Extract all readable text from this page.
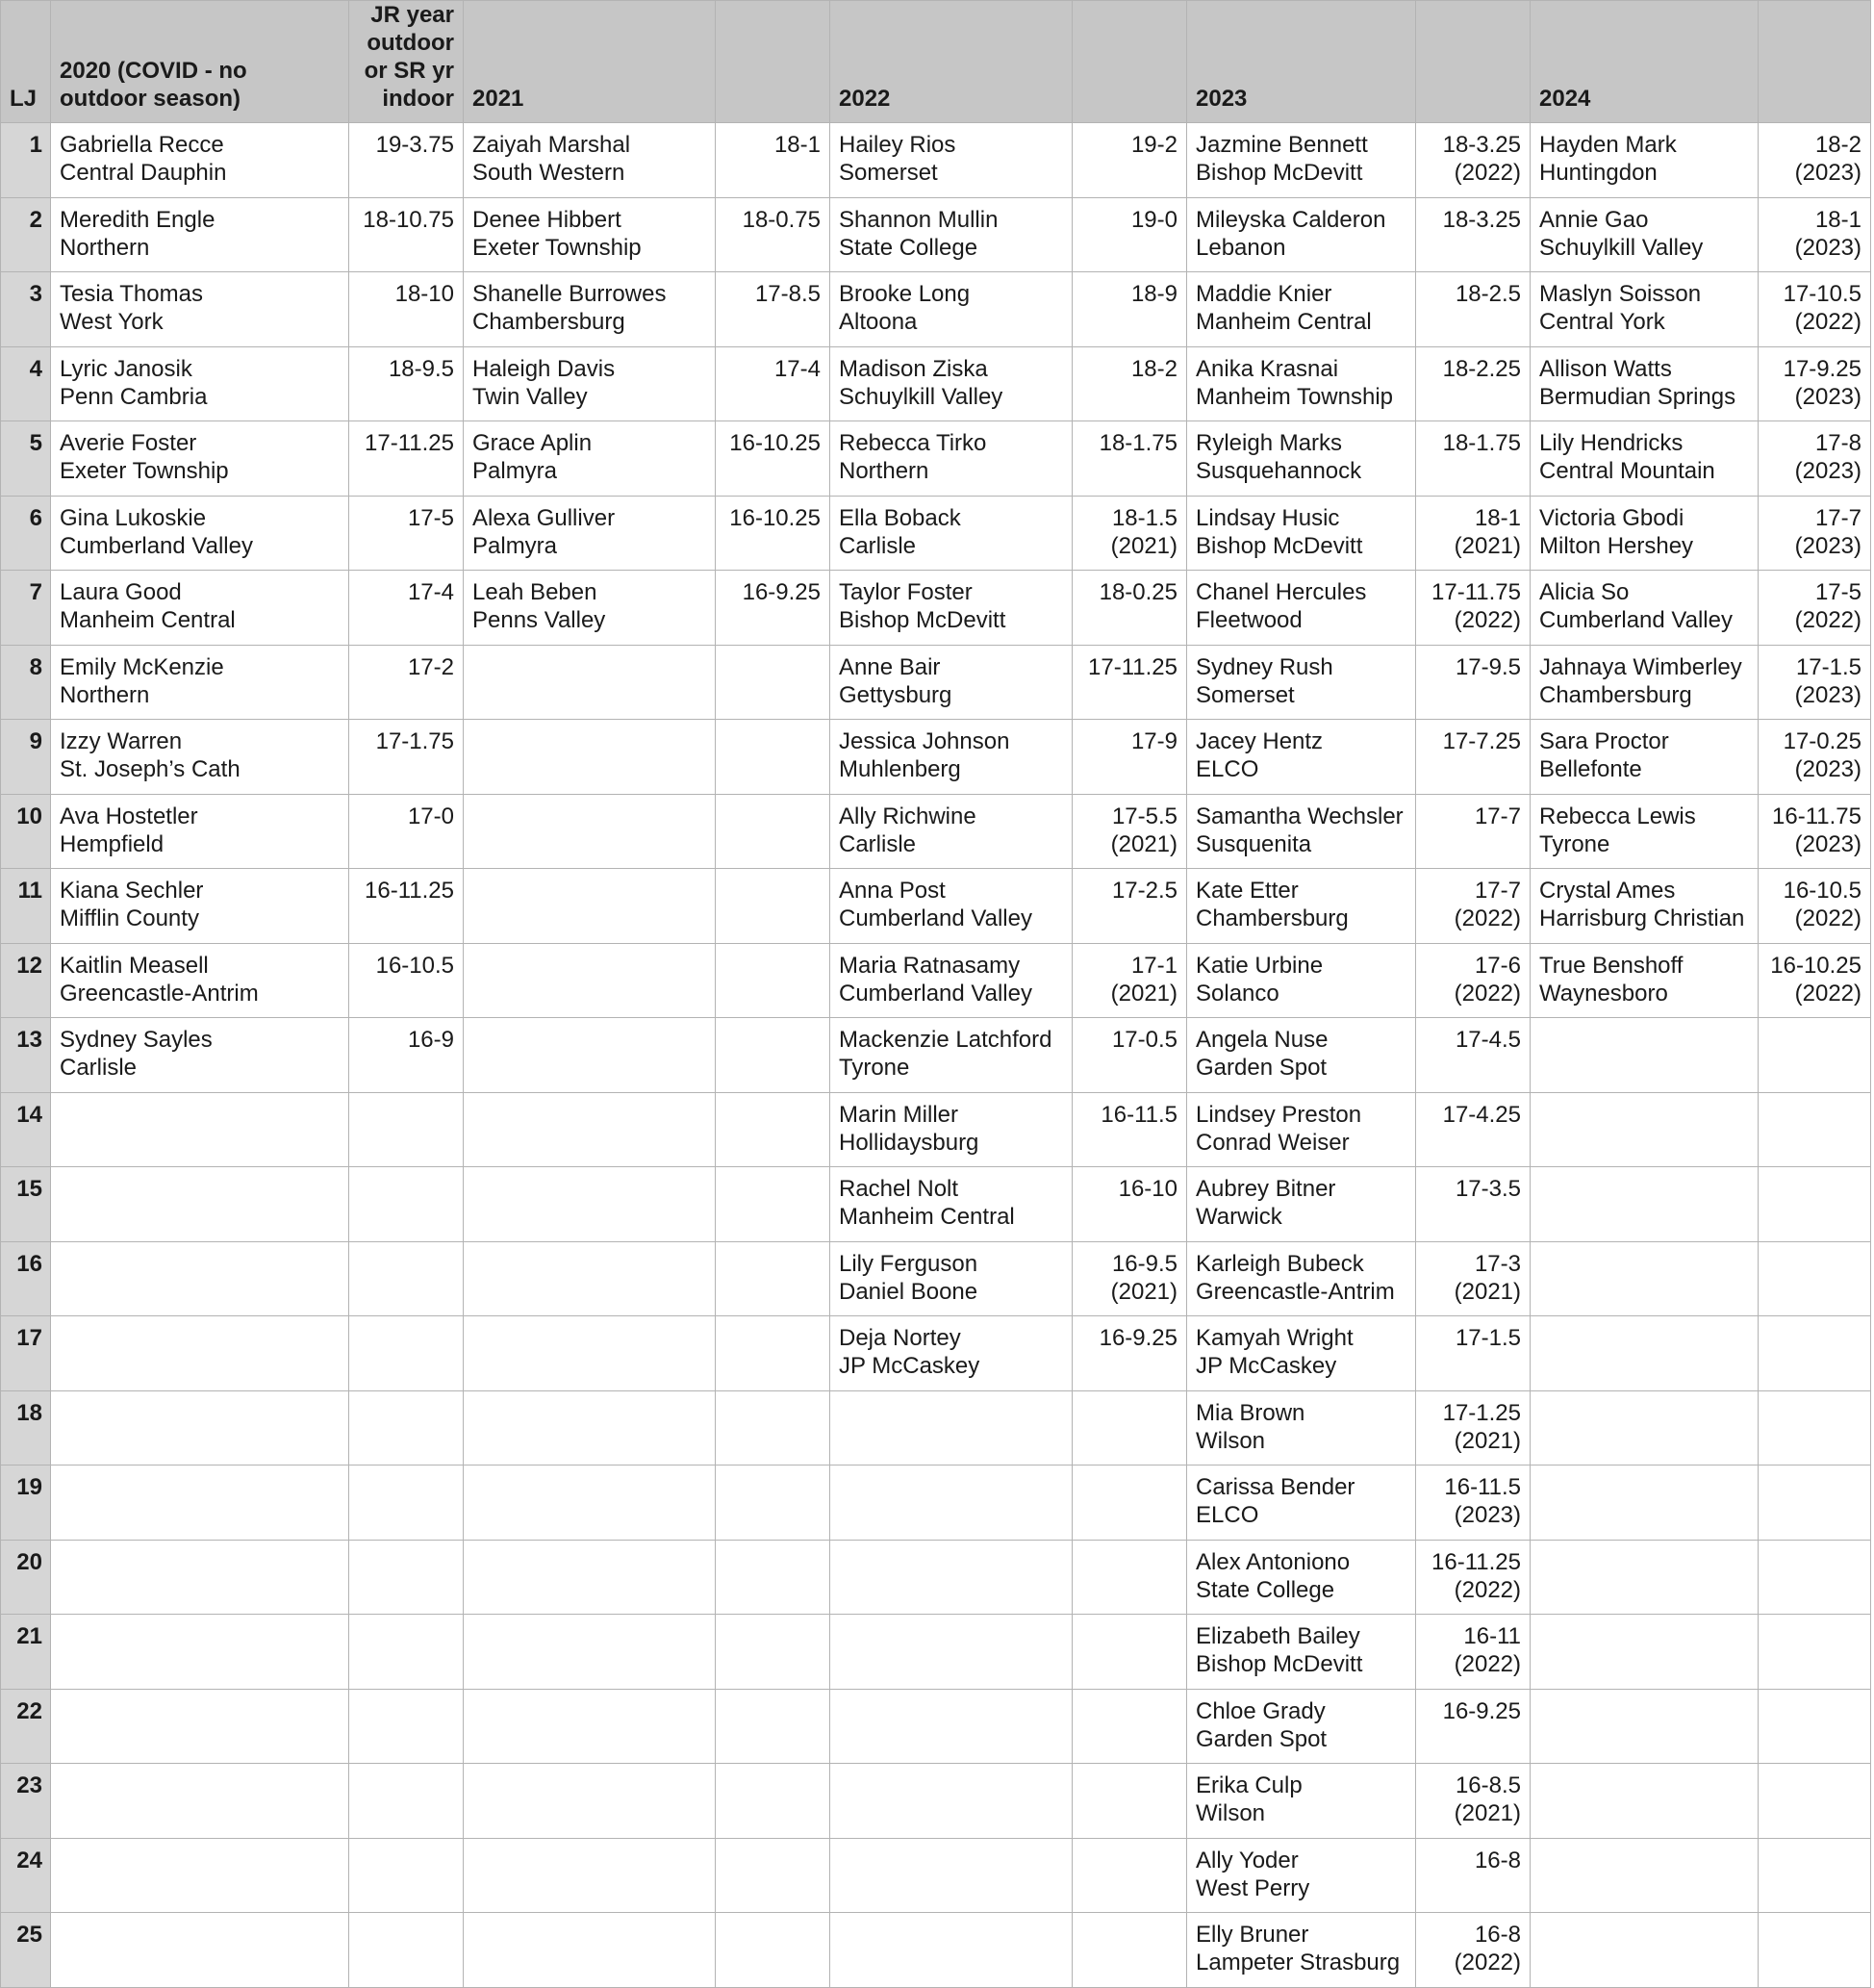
LJ	2020 (COVID - no
outdoor season)	JR year
outdoor
or SR yr
indoor	2021		2022		2023		2024	
1	Gabriella Recce
Central Dauphin	19-3.75	Zaiyah Marshal
South Western	18-1	Hailey Rios
Somerset	19-2	Jazmine Bennett
Bishop McDevitt	18-3.25
(2022)	Hayden Mark
Huntingdon	18-2
(2023)
2	Meredith Engle
Northern	18-10.75	Denee Hibbert
Exeter Township	18-0.75	Shannon Mullin
State College	19-0	Mileyska Calderon
Lebanon	18-3.25	Annie Gao
Schuylkill Valley	18-1
(2023)
3	Tesia Thomas
West York	18-10	Shanelle Burrowes
Chambersburg	17-8.5	Brooke Long
Altoona	18-9	Maddie Knier
Manheim Central	18-2.5	Maslyn Soisson
Central York	17-10.5
(2022)
4	Lyric Janosik
Penn Cambria	18-9.5	Haleigh Davis
Twin Valley	17-4	Madison Ziska
Schuylkill Valley	18-2	Anika Krasnai
Manheim Township	18-2.25	Allison Watts
Bermudian Springs	17-9.25
(2023)
5	Averie Foster
Exeter Township	17-11.25	Grace Aplin
Palmyra	16-10.25	Rebecca Tirko
Northern	18-1.75	Ryleigh Marks
Susquehannock	18-1.75	Lily Hendricks
Central Mountain	17-8
(2023)
6	Gina Lukoskie
Cumberland Valley	17-5	Alexa Gulliver
Palmyra	16-10.25	Ella Boback
Carlisle	18-1.5
(2021)	Lindsay Husic
Bishop McDevitt	18-1
(2021)	Victoria Gbodi
Milton Hershey	17-7
(2023)
7	Laura Good
Manheim Central	17-4	Leah Beben
Penns Valley	16-9.25	Taylor Foster
Bishop McDevitt	18-0.25	Chanel Hercules
Fleetwood	17-11.75
(2022)	Alicia So
Cumberland Valley	17-5
(2022)
8	Emily McKenzie
Northern	17-2			Anne Bair
Gettysburg	17-11.25	Sydney Rush
Somerset	17-9.5	Jahnaya Wimberley
Chambersburg	17-1.5
(2023)
9	Izzy Warren
St. Joseph’s Cath	17-1.75			Jessica Johnson
Muhlenberg	17-9	Jacey Hentz
ELCO	17-7.25	Sara Proctor
Bellefonte	17-0.25
(2023)
10	Ava Hostetler
Hempfield	17-0			Ally Richwine
Carlisle	17-5.5
(2021)	Samantha Wechsler
Susquenita	17-7	Rebecca Lewis
Tyrone	16-11.75
(2023)
11	Kiana Sechler
Mifflin County	16-11.25			Anna Post
Cumberland Valley	17-2.5	Kate Etter
Chambersburg	17-7
(2022)	Crystal Ames
Harrisburg Christian	16-10.5
(2022)
12	Kaitlin Measell
Greencastle-Antrim	16-10.5			Maria Ratnasamy
Cumberland Valley	17-1
(2021)	Katie Urbine
Solanco	17-6
(2022)	True Benshoff
Waynesboro	16-10.25
(2022)
13	Sydney Sayles
Carlisle	16-9			Mackenzie Latchford
Tyrone	17-0.5	Angela Nuse
Garden Spot	17-4.5		
14					Marin Miller
Hollidaysburg	16-11.5	Lindsey Preston
Conrad Weiser	17-4.25		
15					Rachel Nolt
Manheim Central	16-10	Aubrey Bitner
Warwick	17-3.5		
16					Lily Ferguson
Daniel Boone	16-9.5
(2021)	Karleigh Bubeck
Greencastle-Antrim	17-3
(2021)		
17					Deja Nortey
JP McCaskey	16-9.25	Kamyah Wright
JP McCaskey	17-1.5		
18							Mia Brown
Wilson	17-1.25
(2021)		
19							Carissa Bender
ELCO	16-11.5
(2023)		
20							Alex Antoniono
State College	16-11.25
(2022)		
21							Elizabeth Bailey
Bishop McDevitt	16-11
(2022)		
22							Chloe Grady
Garden Spot	16-9.25		
23							Erika Culp
Wilson	16-8.5
(2021)		
24							Ally Yoder
West Perry	16-8		
25							Elly Bruner
Lampeter Strasburg	16-8
(2022)		
